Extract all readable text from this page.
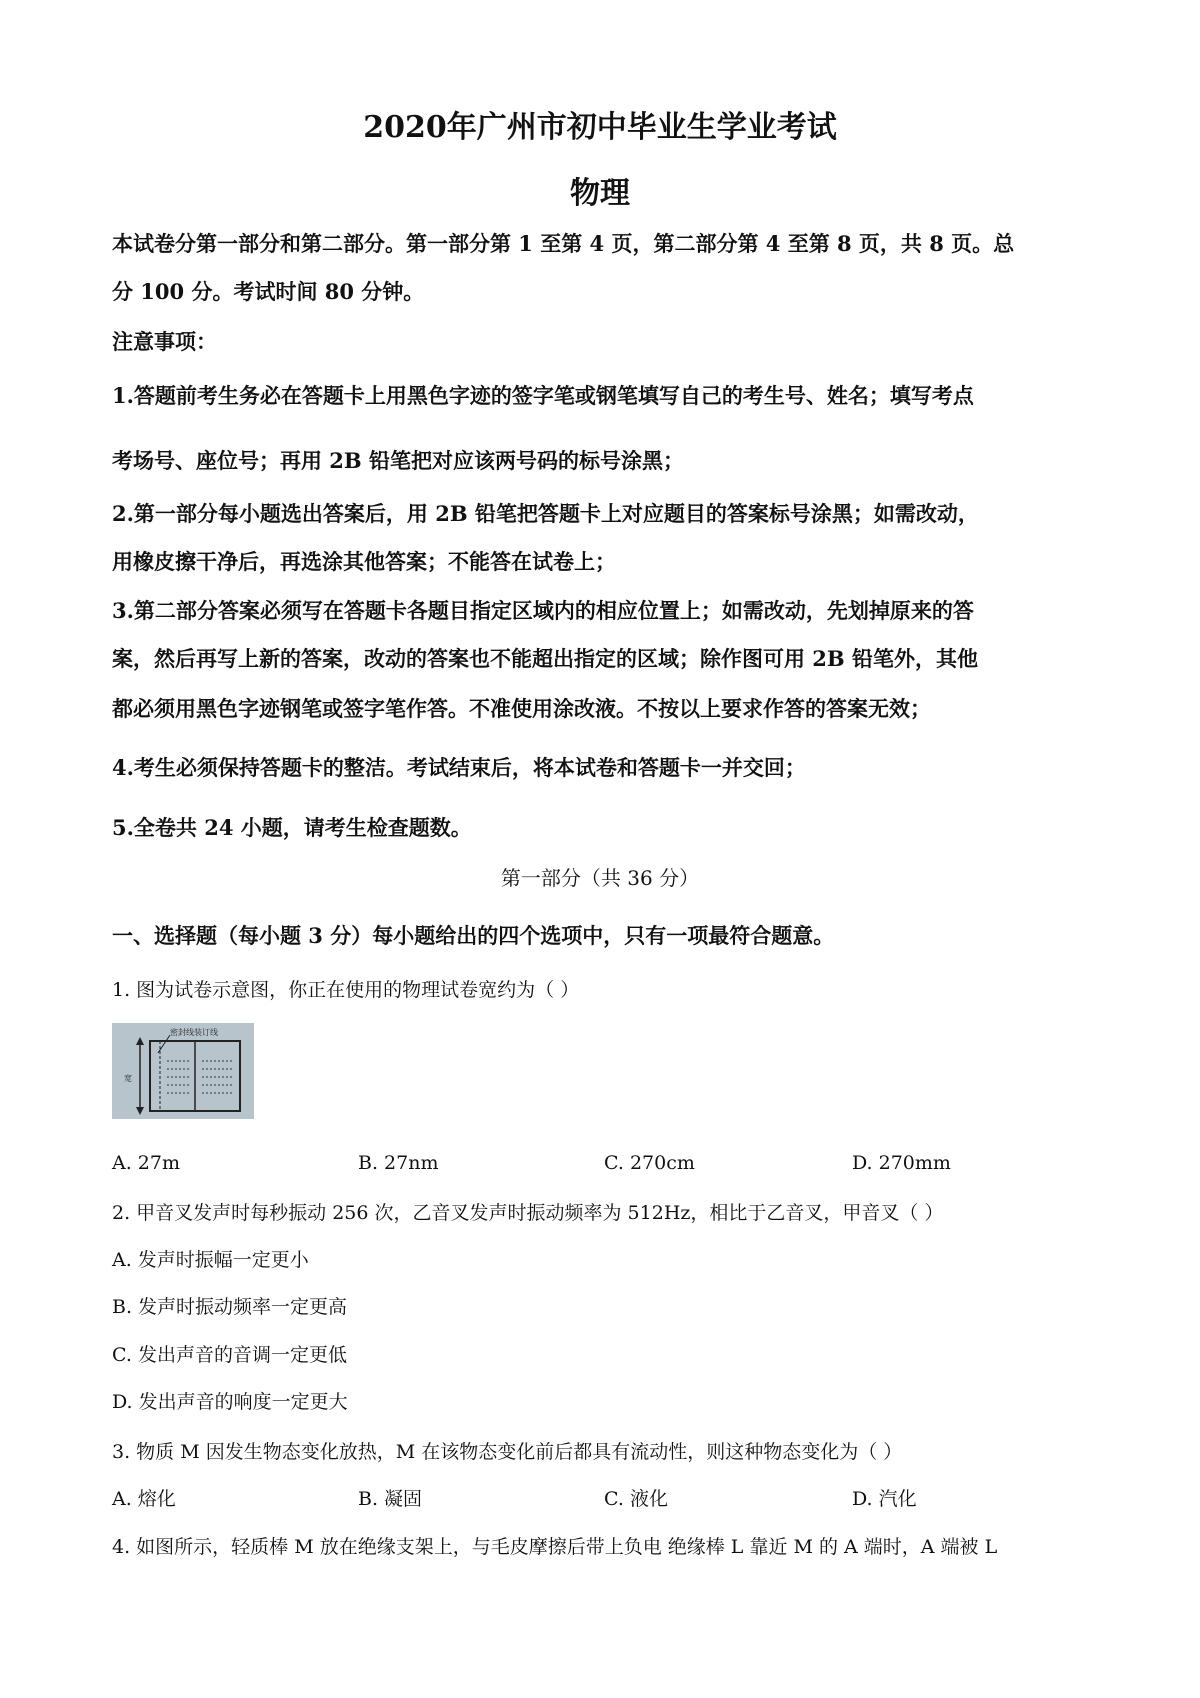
2020年广州市初中毕业生学业考试
物理
本试卷分第一部分和第二部分。第一部分第 1 至第 4 页，第二部分第 4 至第 8 页，共 8 页。总
分 100 分。考试时间 80 分钟。
注意事项：
1.答题前考生务必在答题卡上用黑色字迹的签字笔或钢笔填写自己的考生号、姓名；填写考点
考场号、座位号；再用 2B 铅笔把对应该两号码的标号涂黑；
2.第一部分每小题选出答案后，用 2B 铅笔把答题卡上对应题目的答案标号涂黑；如需改动，
用橡皮擦干净后，再选涂其他答案；不能答在试卷上；
3.第二部分答案必须写在答题卡各题目指定区域内的相应位置上；如需改动，先划掉原来的答
案，然后再写上新的答案，改动的答案也不能超出指定的区域；除作图可用 2B 铅笔外，其他
都必须用黑色字迹钢笔或签字笔作答。不准使用涂改液。不按以上要求作答的答案无效；
4.考生必须保持答题卡的整洁。考试结束后，将本试卷和答题卡一并交回；
5.全卷共 24 小题，请考生检查题数。
第一部分（共 36 分）
一、选择题（每小题 3 分）每小题给出的四个选项中，只有一项最符合题意。
1. 图为试卷示意图，你正在使用的物理试卷宽约为（ ）
密封线装订线
宽
A. 27m	B. 27nm	C. 270cm	D. 270mm
2. 甲音叉发声时每秒振动 256 次，乙音叉发声时振动频率为 512Hz，相比于乙音叉，甲音叉（ ）
A. 发声时振幅一定更小
B. 发声时振动频率一定更高
C. 发出声音的音调一定更低
D. 发出声音的响度一定更大
3. 物质 M 因发生物态变化放热，M 在该物态变化前后都具有流动性，则这种物态变化为（ ）
A. 熔化	B. 凝固	C. 液化	D. 汽化
4. 如图所示，轻质棒 M 放在绝缘支架上，与毛皮摩擦后带上负电 绝缘棒 L 靠近 M 的 A 端时，A 端被 L
